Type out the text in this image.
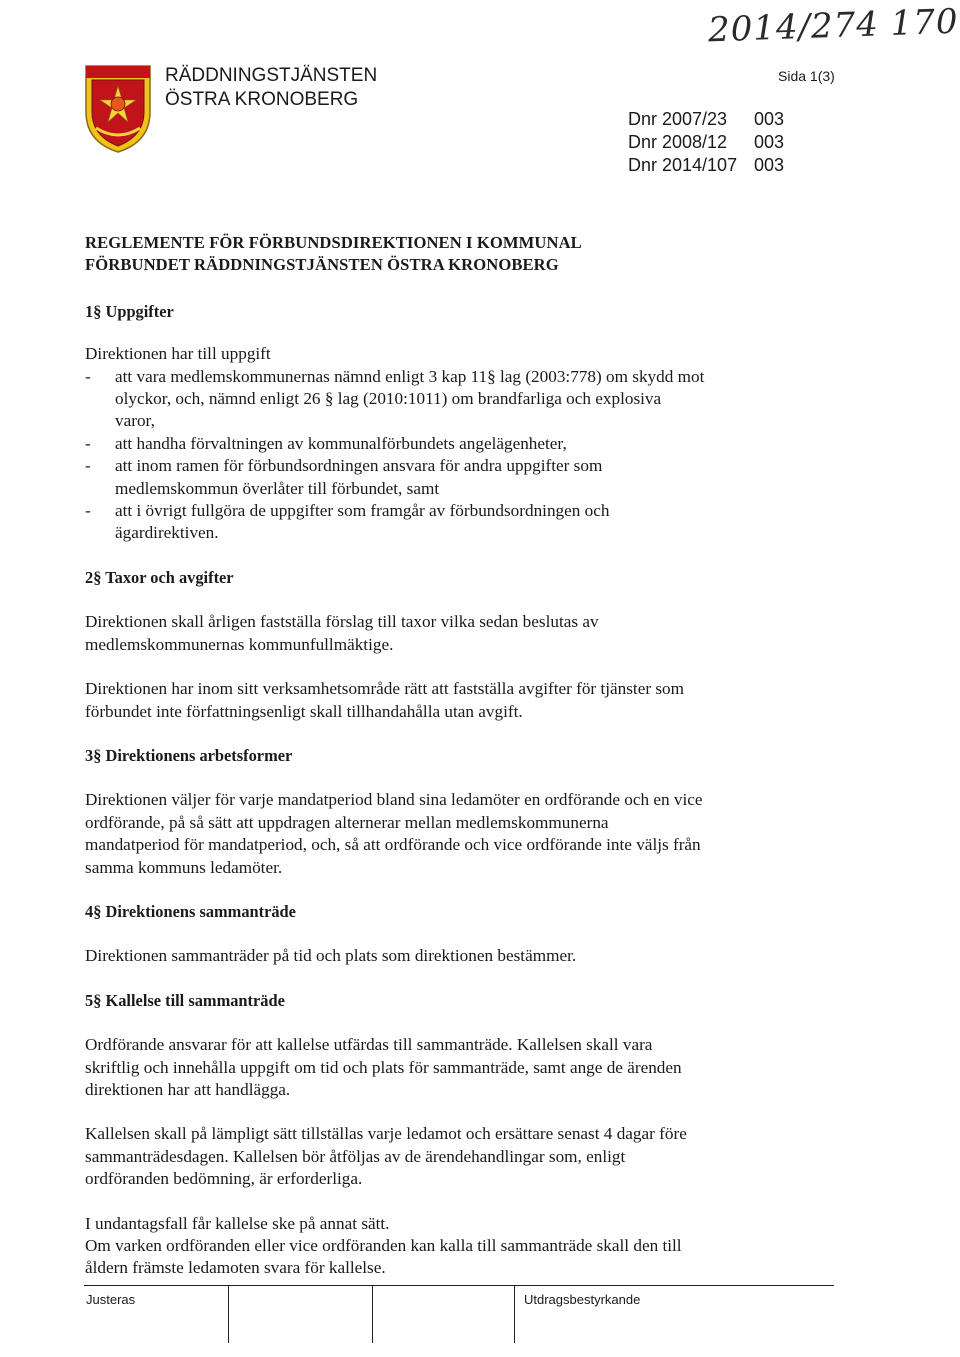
2014/274 170
RÄDDNINGSTJÄNSTEN
ÖSTRA KRONOBERG
Sida 1(3)
Dnr 2007/23	003
Dnr 2008/12	003
Dnr 2014/107 003
REGLEMENTE FÖR FÖRBUNDSDIREKTIONEN I KOMMUNAL
FÖRBUNDET RÄDDNINGSTJÄNSTEN ÖSTRA KRONOBERG
1§ Uppgifter

Direktionen har till uppgift

- att vara medlemskommunernas nämnd enligt 3 kap 11§ lag (2003:778) om skydd mot olyckor, och, nämnd enligt 26 § lag (2010:1011) om brandfarliga och explosiva varor,
- att handha förvaltningen av kommunalförbundets angelägenheter,
- att inom ramen för förbundsordningen ansvara för andra uppgifter som medlemskommun överlåter till förbundet, samt
- att i övrigt fullgöra de uppgifter som framgår av förbundsordningen och ägardirektiven.
2§ Taxor och avgifter

Direktionen skall årligen fastställa förslag till taxor vilka sedan beslutas av medlemskommunernas kommunfullmäktige.

Direktionen har inom sitt verksamhetsområde rätt att fastställa avgifter för tjänster som förbundet inte författningsenligt skall tillhandahålla utan avgift.

3§ Direktionens arbetsformer

Direktionen väljer för varje mandatperiod bland sina ledamöter en ordförande och en vice ordförande, på så sätt att uppdragen alternerar mellan medlemskommunerna mandatperiod för mandatperiod, och, så att ordförande och vice ordförande inte väljs från samma kommuns ledamöter.

4§ Direktionens sammanträde

Direktionen sammanträder på tid och plats som direktionen bestämmer.

5§ Kallelse till sammanträde

Ordförande ansvarar för att kallelse utfärdas till sammanträde. Kallelsen skall vara skriftlig och innehålla uppgift om tid och plats för sammanträde, samt ange de ärenden direktionen har att handlägga.

Kallelsen skall på lämpligt sätt tillställas varje ledamot och ersättare senast 4 dagar före sammanträdesdagen. Kallelsen bör åtföljas av de ärendehandlingar som, enligt ordföranden bedömning, är erforderliga.

I undantagsfall får kallelse ske på annat sätt.

Om varken ordföranden eller vice ordföranden kan kalla till sammanträde skall den till åldern främste ledamoten svara för kallelse.

Justeras	Utdragsbestyrkande
